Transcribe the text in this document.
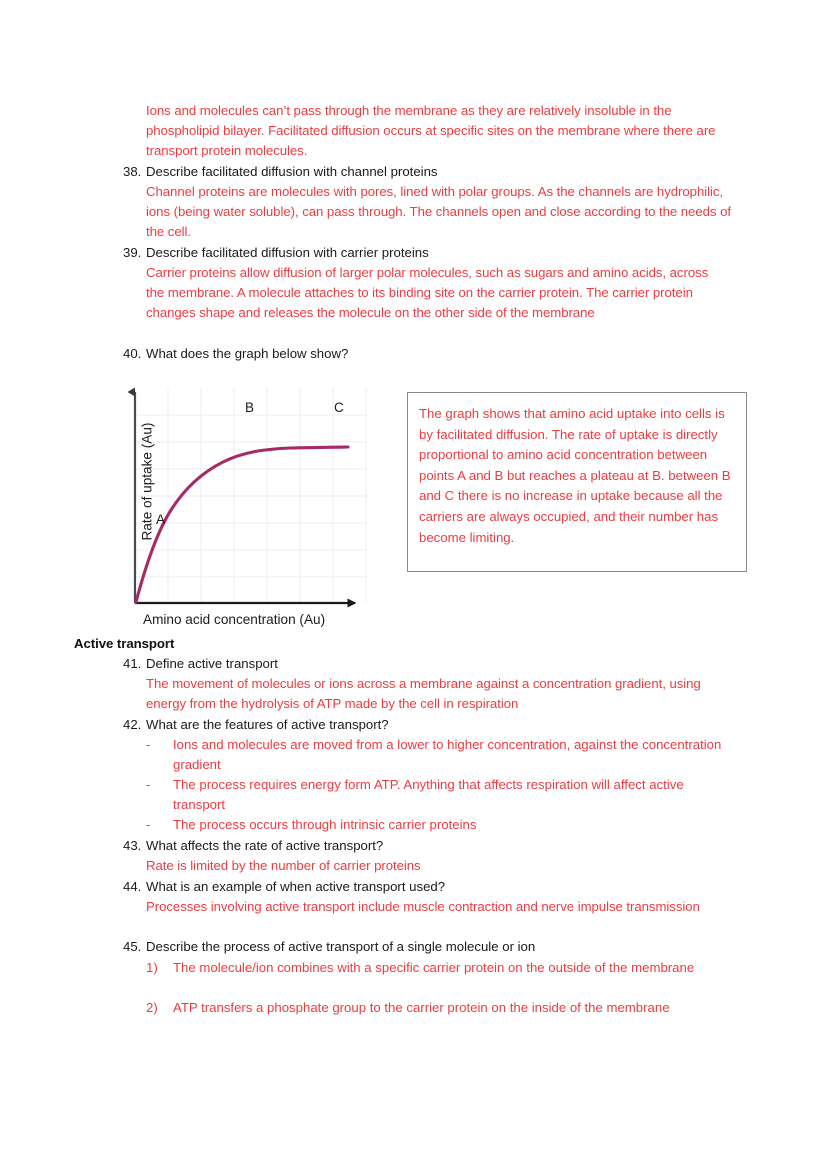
Ions and molecules can’t pass through the membrane as they are relatively insoluble in the phospholipid bilayer. Facilitated diffusion occurs at specific sites on the membrane where there are transport protein molecules.
38. Describe facilitated diffusion with channel proteins
Channel proteins are molecules with pores, lined with polar groups. As the channels are hydrophilic, ions (being water soluble), can pass through. The channels open and close according to the needs of the cell.
39. Describe facilitated diffusion with carrier proteins
Carrier proteins allow diffusion of larger polar molecules, such as sugars and amino acids, across the membrane. A molecule attaches to its binding site on the carrier protein. The carrier protein changes shape and releases the molecule on the other side of the membrane
40. What does the graph below show?
A
B	C
Rate of uptake (Au)
Amino acid concentration (Au)
The graph shows that amino acid uptake into cells is by facilitated diffusion. The rate of uptake is directly proportional to amino acid concentration between points A and B but reaches a plateau at B. between B and C there is no increase in uptake because all the carriers are always occupied, and their number has become limiting.
Active transport
41. Define active transport
The movement of molecules or ions across a membrane against a concentration gradient, using energy from the hydrolysis of ATP made by the cell in respiration
42. What are the features of active transport?
-	Ions and molecules are moved from a lower to higher concentration, against the concentration gradient
-	The process requires energy form ATP. Anything that affects respiration will affect active transport
-	The process occurs through intrinsic carrier proteins
43. What affects the rate of active transport?
Rate is limited by the number of carrier proteins
44. What is an example of when active transport used?
Processes involving active transport include muscle contraction and nerve impulse transmission
45. Describe the process of active transport of a single molecule or ion
1)	The molecule/ion combines with a specific carrier protein on the outside of the membrane
2)	ATP transfers a phosphate group to the carrier protein on the inside of the membrane
